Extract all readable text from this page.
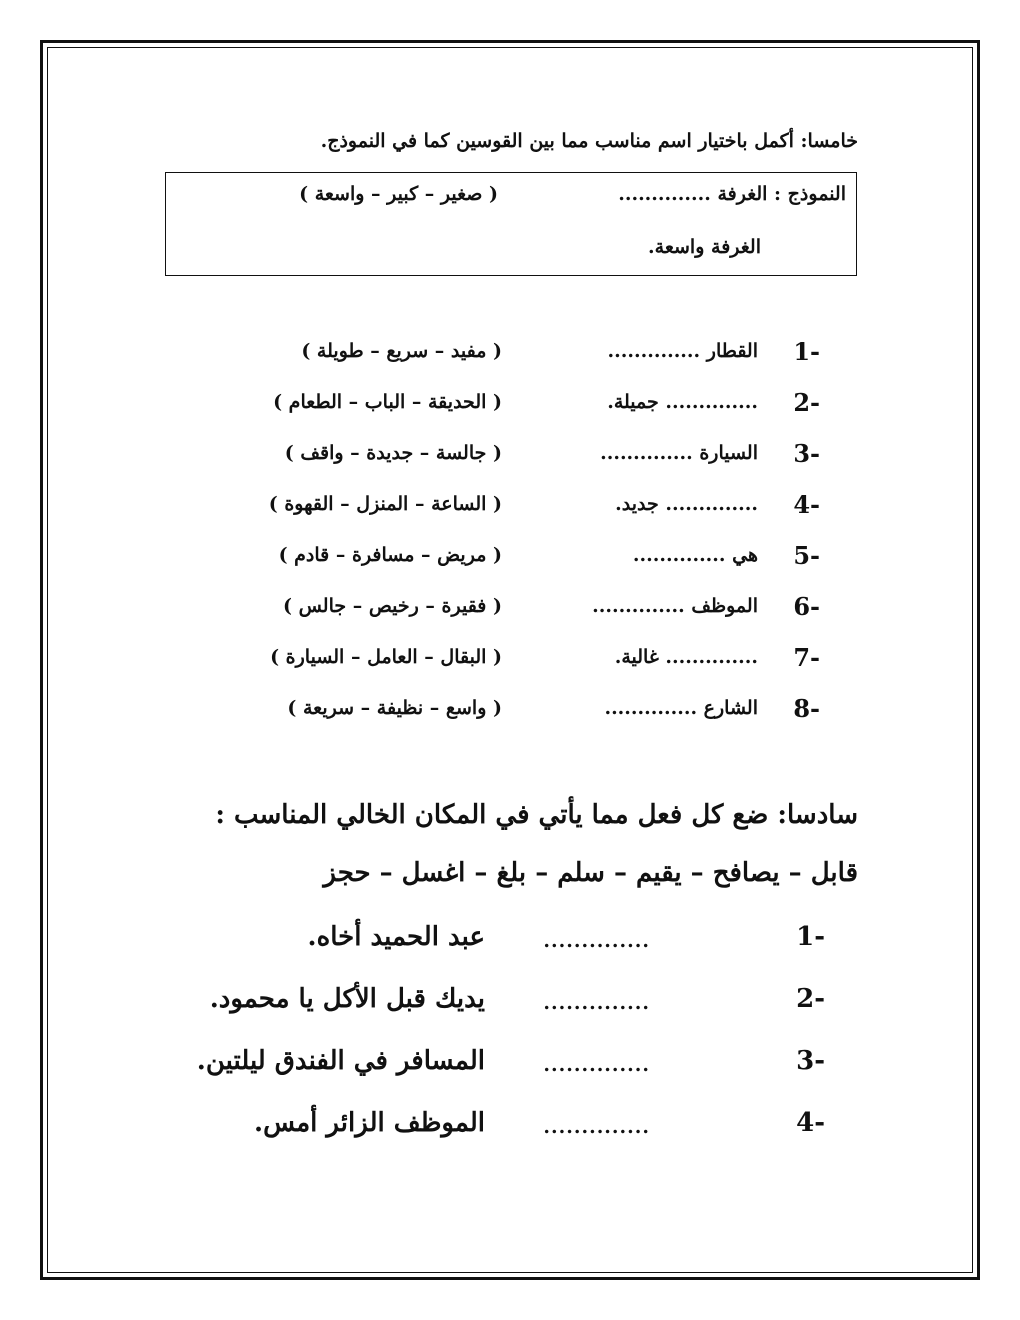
خامسا: أكمل باختيار اسم مناسب مما بين القوسين كما في النموذج.
النموذج : الغرفة ..............
( صغير – كبير – واسعة )
الغرفة واسعة.
1-
القطار ..............
( مفيد – سريع – طويلة )
2-
.............. جميلة.
( الحديقة – الباب – الطعام )
3-
السيارة ..............
( جالسة – جديدة – واقف )
4-
.............. جديد.
( الساعة – المنزل – القهوة )
5-
هي ..............
( مريض – مسافرة – قادم )
6-
الموظف ..............
( فقيرة – رخيص – جالس )
7-
.............. غالية.
( البقال – العامل – السيارة )
8-
الشارع ..............
( واسع – نظيفة – سريعة )
سادسا: ضع كل فعل مما يأتي في المكان الخالي المناسب :
قابل – يصافح – يقيم – سلم – بلغ – اغسل – حجز
1-
..............
عبد الحميد أخاه.
2-
..............
يديك قبل الأكل يا محمود.
3-
..............
المسافر في الفندق ليلتين.
4-
..............
الموظف الزائر أمس.
